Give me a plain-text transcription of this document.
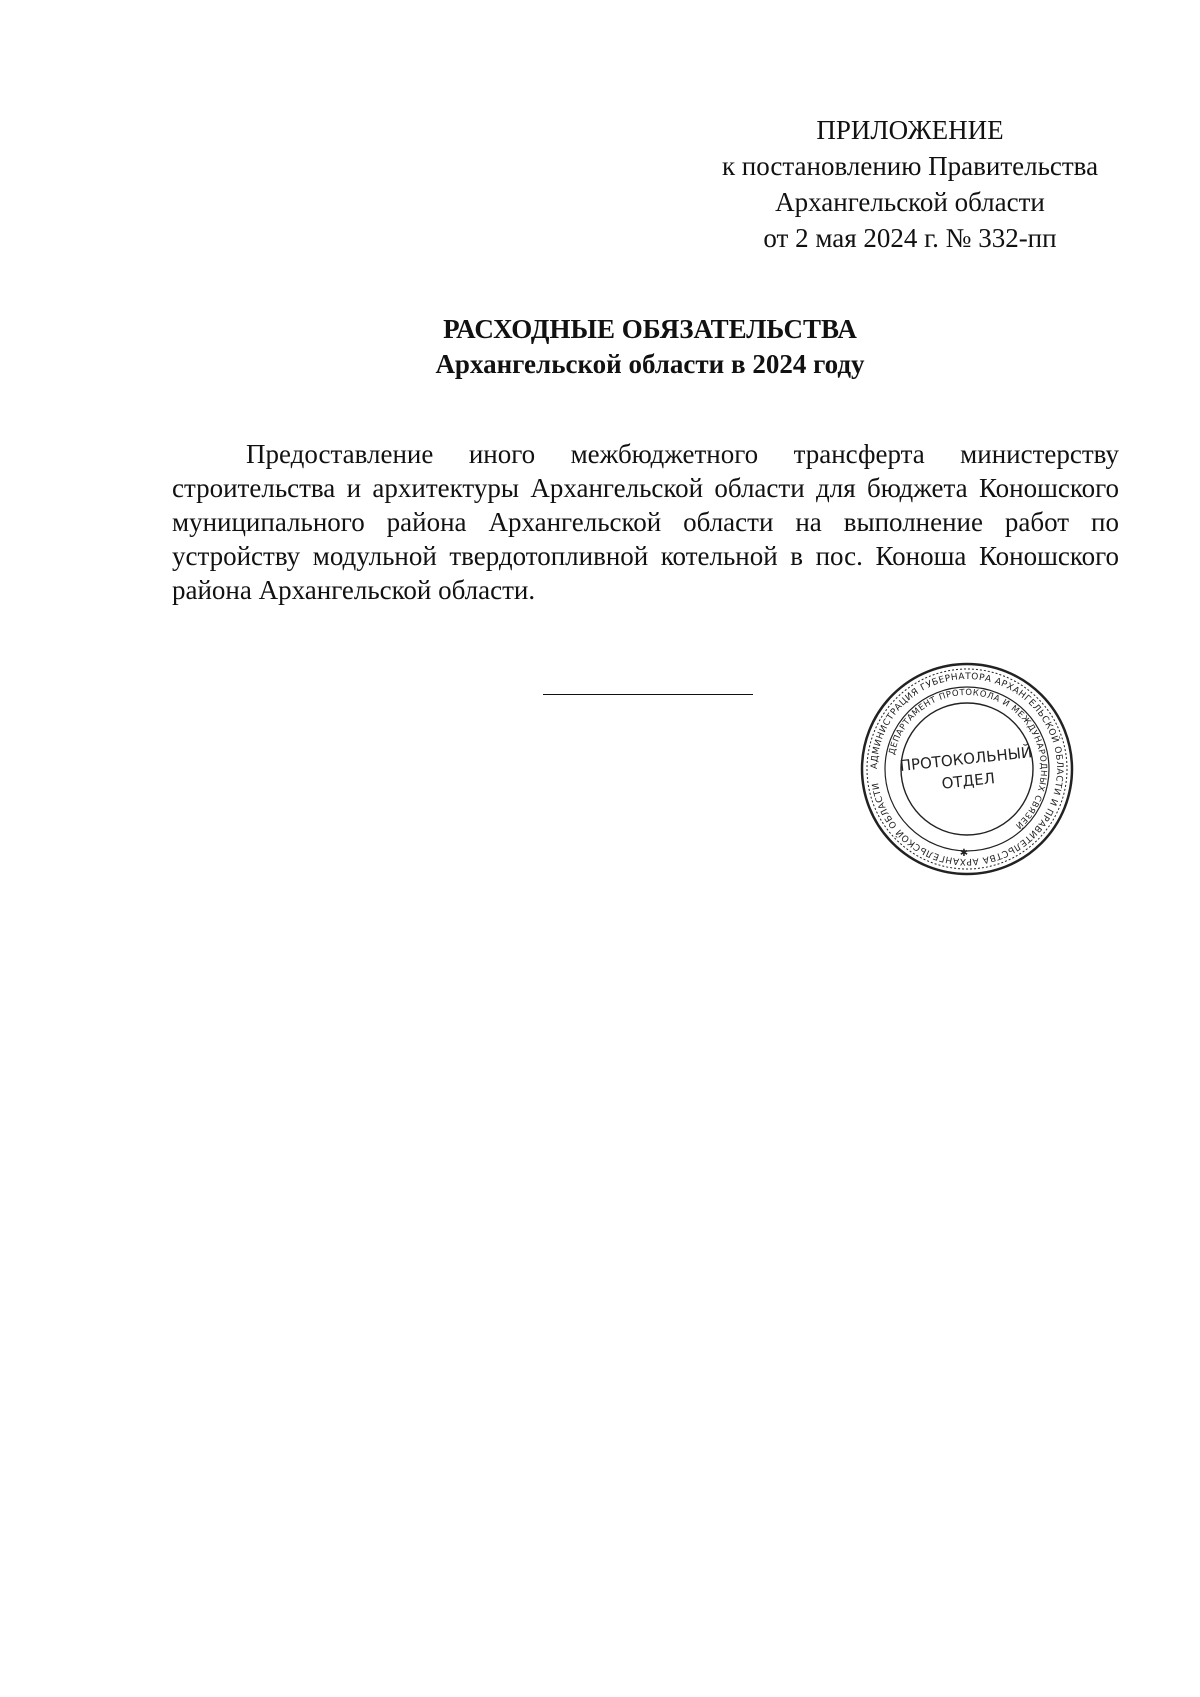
ПРИЛОЖЕНИЕ
к постановлению Правительства
Архангельской области
от 2 мая 2024 г. № 332-пп
РАСХОДНЫЕ ОБЯЗАТЕЛЬСТВА
Архангельской области в 2024 году

Предоставление иного межбюджетного трансферта министерству строительства и архитектуры Архангельской области для бюджета Коношского муниципального района Архангельской области на выполнение работ по устройству модульной твердотопливной котельной в пос. Коноша Коношского района Архангельской области.

АДМИНИСТРАЦИЯ ГУБЕРНАТОРА АРХАНГЕЛЬСКОЙ ОБЛАСТИ И ПРАВИТЕЛЬСТВА АРХАНГЕЛЬСКОЙ ОБЛАСТИ
ДЕПАРТАМЕНТ ПРОТОКОЛА И МЕЖДУНАРОДНЫХ СВЯЗЕЙ
ПРОТОКОЛЬНЫЙ
ОТДЕЛ
✱
